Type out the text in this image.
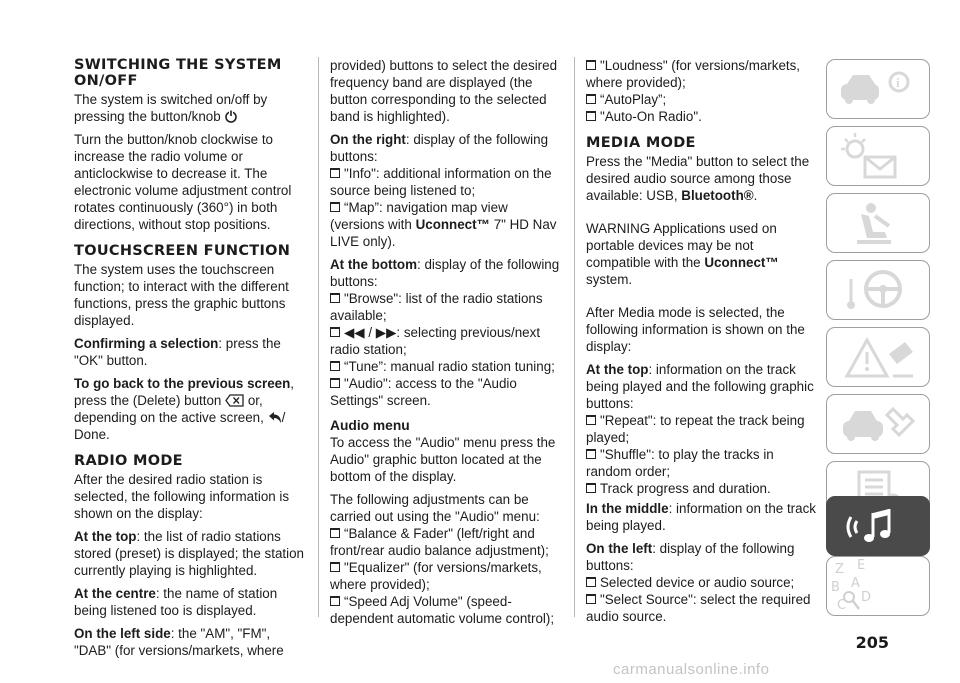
SWITCHING THE SYSTEM ON/OFF

The system is switched on/off by pressing the button/knob

Turn the button/knob clockwise to increase the radio volume or anticlockwise to decrease it. The electronic volume adjustment control rotates continuously (360°) in both directions, without stop positions.

TOUCHSCREEN FUNCTION

The system uses the touchscreen function; to interact with the different functions, press the graphic buttons displayed.

Confirming a selection: press the "OK" button.

To go back to the previous screen,
press the (Delete) button or,
depending on the active screen, /
Done.

RADIO MODE

After the desired radio station is selected, the following information is shown on the display:

At the top: the list of radio stations stored (preset) is displayed; the station currently playing is highlighted.

At the centre: the name of station being listened too is displayed.

On the left side: the "AM", "FM", "DAB" (for versions/markets, where

provided) buttons to select the desired frequency band are displayed (the button corresponding to the selected band is highlighted).

On the right: display of the following buttons:

"Info": additional information on the source being listened to;

“Map”: navigation map view (versions with Uconnect™ 7" HD Nav LIVE only).

At the bottom: display of the following buttons:

"Browse": list of the radio stations available;

◀◀ / ▶▶: selecting previous/next radio station;

“Tune”: manual radio station tuning;

"Audio": access to the "Audio Settings" screen.

Audio menu

To access the "Audio" menu press the Audio" graphic button located at the bottom of the display.

The following adjustments can be carried out using the "Audio" menu:

“Balance & Fader" (left/right and front/rear audio balance adjustment);

"Equalizer" (for versions/markets, where provided);

“Speed Adj Volume" (speed-dependent automatic volume control);

"Loudness" (for versions/markets, where provided);

“AutoPlay”;

"Auto-On Radio".

MEDIA MODE

Press the "Media" button to select the desired audio source among those available: USB, Bluetooth®.

WARNING Applications used on portable devices may be not compatible with the Uconnect™ system.

After Media mode is selected, the following information is shown on the display:

At the top: information on the track being played and the following graphic buttons:

"Repeat": to repeat the track being played;

"Shuffle": to play the tracks in random order;

Track progress and duration.

In the middle: information on the track being played.

On the left: display of the following buttons:

Selected device or audio source;

"Select Source": select the required audio source.

i
Z E
B A
C
D
205
carmanualsonline.info
